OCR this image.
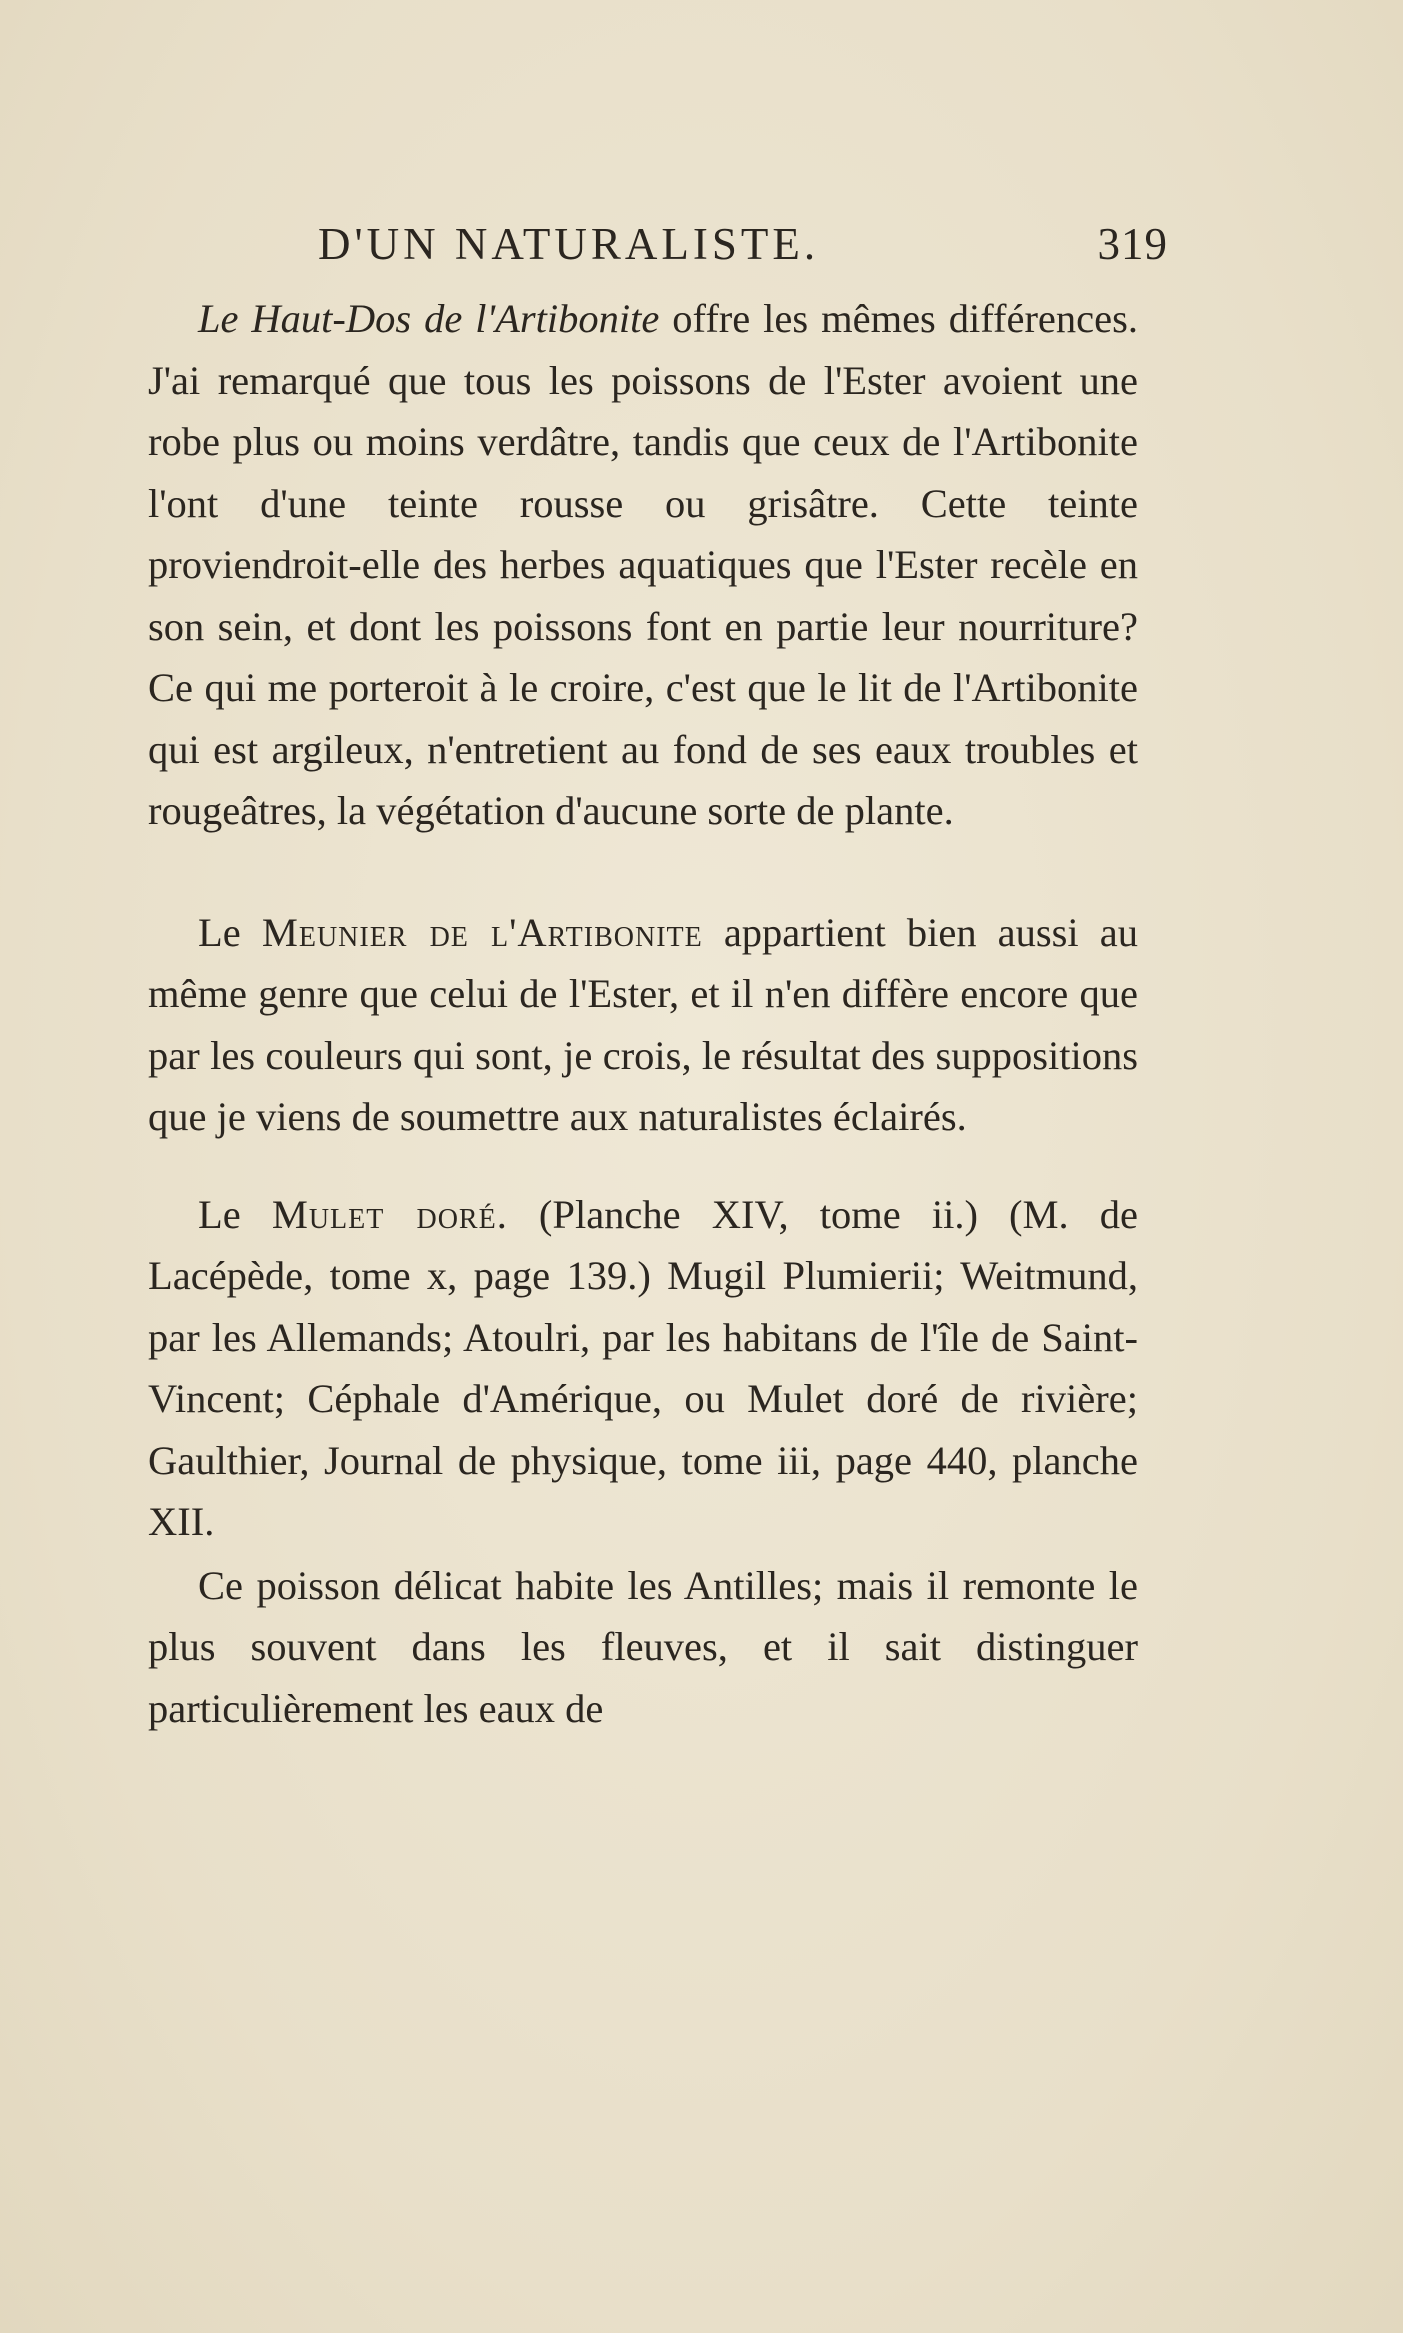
D'UN NATURALISTE.	319

Le Haut-Dos de l'Artibonite offre les mêmes différences. J'ai remarqué que tous les poissons de l'Ester avoient une robe plus ou moins verdâtre, tandis que ceux de l'Artibonite l'ont d'une teinte rousse ou grisâtre. Cette teinte proviendroit-elle des herbes aquatiques que l'Ester recèle en son sein, et dont les poissons font en partie leur nourriture? Ce qui me porteroit à le croire, c'est que le lit de l'Artibonite qui est argileux, n'entretient au fond de ses eaux troubles et rougeâtres, la végétation d'aucune sorte de plante.

Le Meunier de l'Artibonite appartient bien aussi au même genre que celui de l'Ester, et il n'en diffère encore que par les couleurs qui sont, je crois, le résultat des suppositions que je viens de soumettre aux naturalistes éclairés.

Le Mulet doré. (Planche XIV, tome ii.) (M. de Lacépède, tome x, page 139.) Mugil Plumierii; Weitmund, par les Allemands; Atoulri, par les habitans de l'île de Saint-Vincent; Céphale d'Amérique, ou Mulet doré de rivière; Gaulthier, Journal de physique, tome iii, page 440, planche XII.

Ce poisson délicat habite les Antilles; mais il remonte le plus souvent dans les fleuves, et il sait distinguer particulièrement les eaux de
